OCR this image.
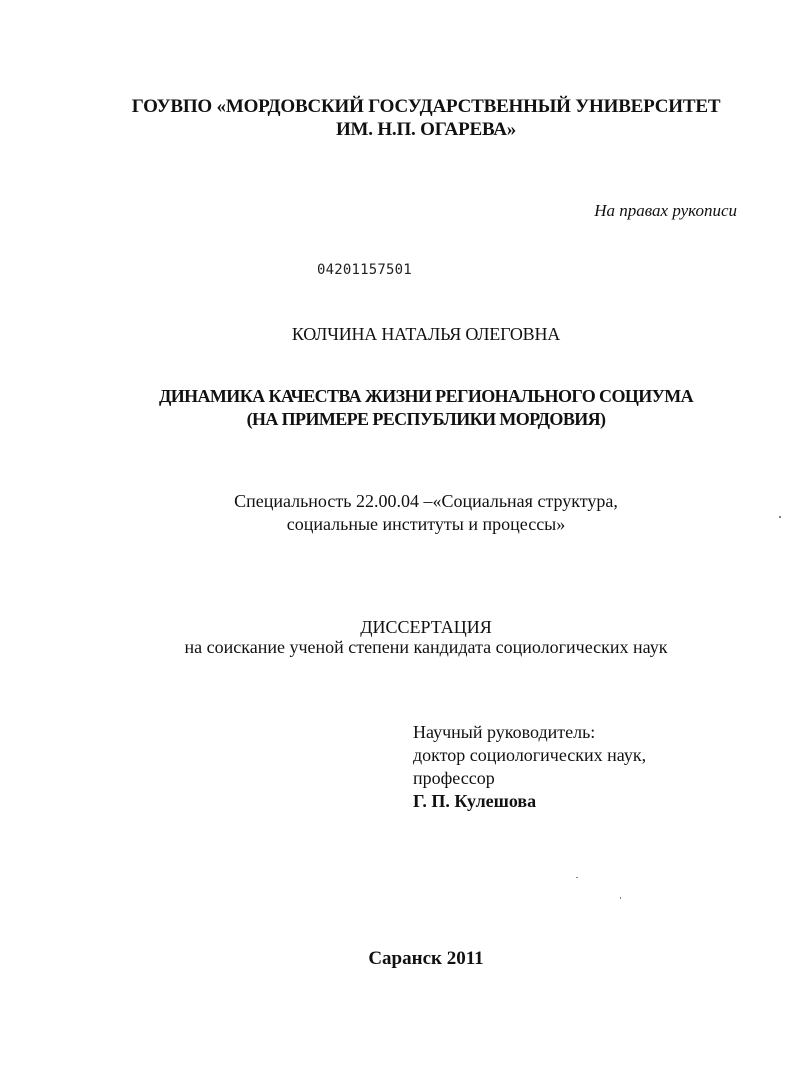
ГОУВПО «МОРДОВСКИЙ ГОСУДАРСТВЕННЫЙ УНИВЕРСИТЕТ
ИМ. Н.П. ОГАРЕВА»
На правах рукописи
04201157501
КОЛЧИНА НАТАЛЬЯ ОЛЕГОВНА
ДИНАМИКА КАЧЕСТВА ЖИЗНИ РЕГИОНАЛЬНОГО СОЦИУМА
(НА ПРИМЕРЕ РЕСПУБЛИКИ МОРДОВИЯ)
Специальность 22.00.04 –«Социальная структура,
социальные институты и процессы»
ДИССЕРТАЦИЯ
на соискание ученой степени кандидата социологических наук
Научный руководитель:
доктор социологических наук,
профессор
Г. П. Кулешова
Саранск 2011
